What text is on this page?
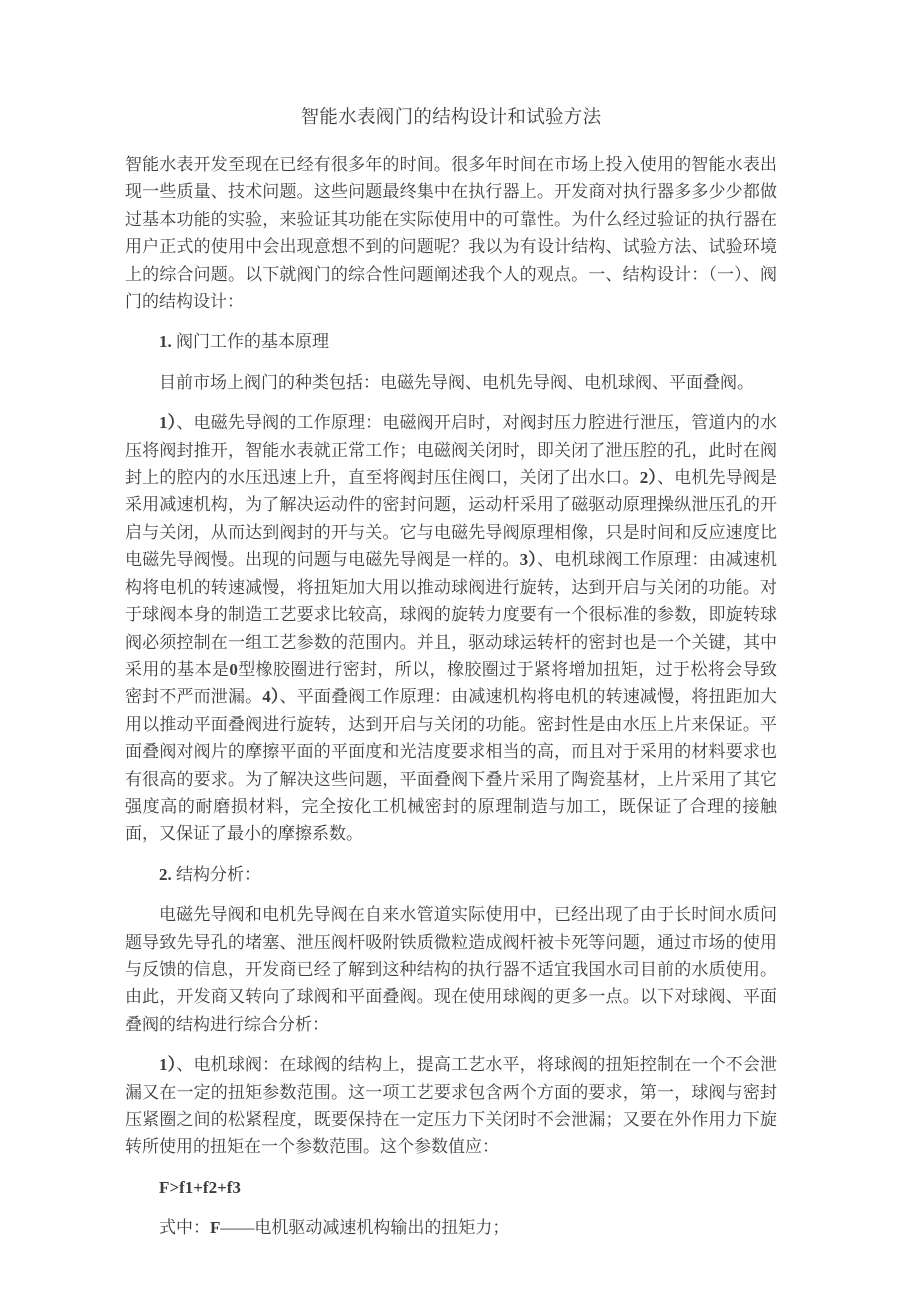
智能水表阀门的结构设计和试验方法

智能水表开发至现在已经有很多年的时间。很多年时间在市场上投入使用的智能水表出现一些质量、技术问题。这些问题最终集中在执行器上。开发商对执行器多多少少都做过基本功能的实验，来验证其功能在实际使用中的可靠性。为什么经过验证的执行器在用户正式的使用中会出现意想不到的问题呢？我以为有设计结构、试验方法、试验环境上的综合问题。以下就阀门的综合性问题阐述我个人的观点。一、结构设计：（一）、阀门的结构设计：

1. 阀门工作的基本原理

目前市场上阀门的种类包括：电磁先导阀、电机先导阀、电机球阀、平面叠阀。

1）、电磁先导阀的工作原理：电磁阀开启时，对阀封压力腔进行泄压，管道内的水压将阀封推开，智能水表就正常工作；电磁阀关闭时，即关闭了泄压腔的孔，此时在阀封上的腔内的水压迅速上升，直至将阀封压住阀口，关闭了出水口。2）、电机先导阀是采用减速机构，为了解决运动件的密封问题，运动杆采用了磁驱动原理操纵泄压孔的开启与关闭，从而达到阀封的开与关。它与电磁先导阀原理相像，只是时间和反应速度比电磁先导阀慢。出现的问题与电磁先导阀是一样的。3）、电机球阀工作原理：由减速机构将电机的转速减慢，将扭矩加大用以推动球阀进行旋转，达到开启与关闭的功能。对于球阀本身的制造工艺要求比较高，球阀的旋转力度要有一个很标准的参数，即旋转球阀必须控制在一组工艺参数的范围内。并且，驱动球运转杆的密封也是一个关键，其中采用的基本是0型橡胶圈进行密封，所以，橡胶圈过于紧将增加扭矩，过于松将会导致密封不严而泄漏。4）、平面叠阀工作原理：由减速机构将电机的转速减慢，将扭距加大用以推动平面叠阀进行旋转，达到开启与关闭的功能。密封性是由水压上片来保证。平面叠阀对阀片的摩擦平面的平面度和光洁度要求相当的高，而且对于采用的材料要求也有很高的要求。为了解决这些问题，平面叠阀下叠片采用了陶瓷基材，上片采用了其它强度高的耐磨损材料，完全按化工机械密封的原理制造与加工，既保证了合理的接触面，又保证了最小的摩擦系数。

2. 结构分析：

电磁先导阀和电机先导阀在自来水管道实际使用中，已经出现了由于长时间水质问题导致先导孔的堵塞、泄压阀杆吸附铁质微粒造成阀杆被卡死等问题，通过市场的使用与反馈的信息，开发商已经了解到这种结构的执行器不适宜我国水司目前的水质使用。由此，开发商又转向了球阀和平面叠阀。现在使用球阀的更多一点。以下对球阀、平面叠阀的结构进行综合分析：

1）、电机球阀：在球阀的结构上，提高工艺水平，将球阀的扭矩控制在一个不会泄漏又在一定的扭矩参数范围。这一项工艺要求包含两个方面的要求，第一，球阀与密封压紧圈之间的松紧程度，既要保持在一定压力下关闭时不会泄漏；又要在外作用力下旋转所使用的扭矩在一个参数范围。这个参数值应：

F>f1+f2+f3

式中：F——电机驱动减速机构输出的扭矩力；
